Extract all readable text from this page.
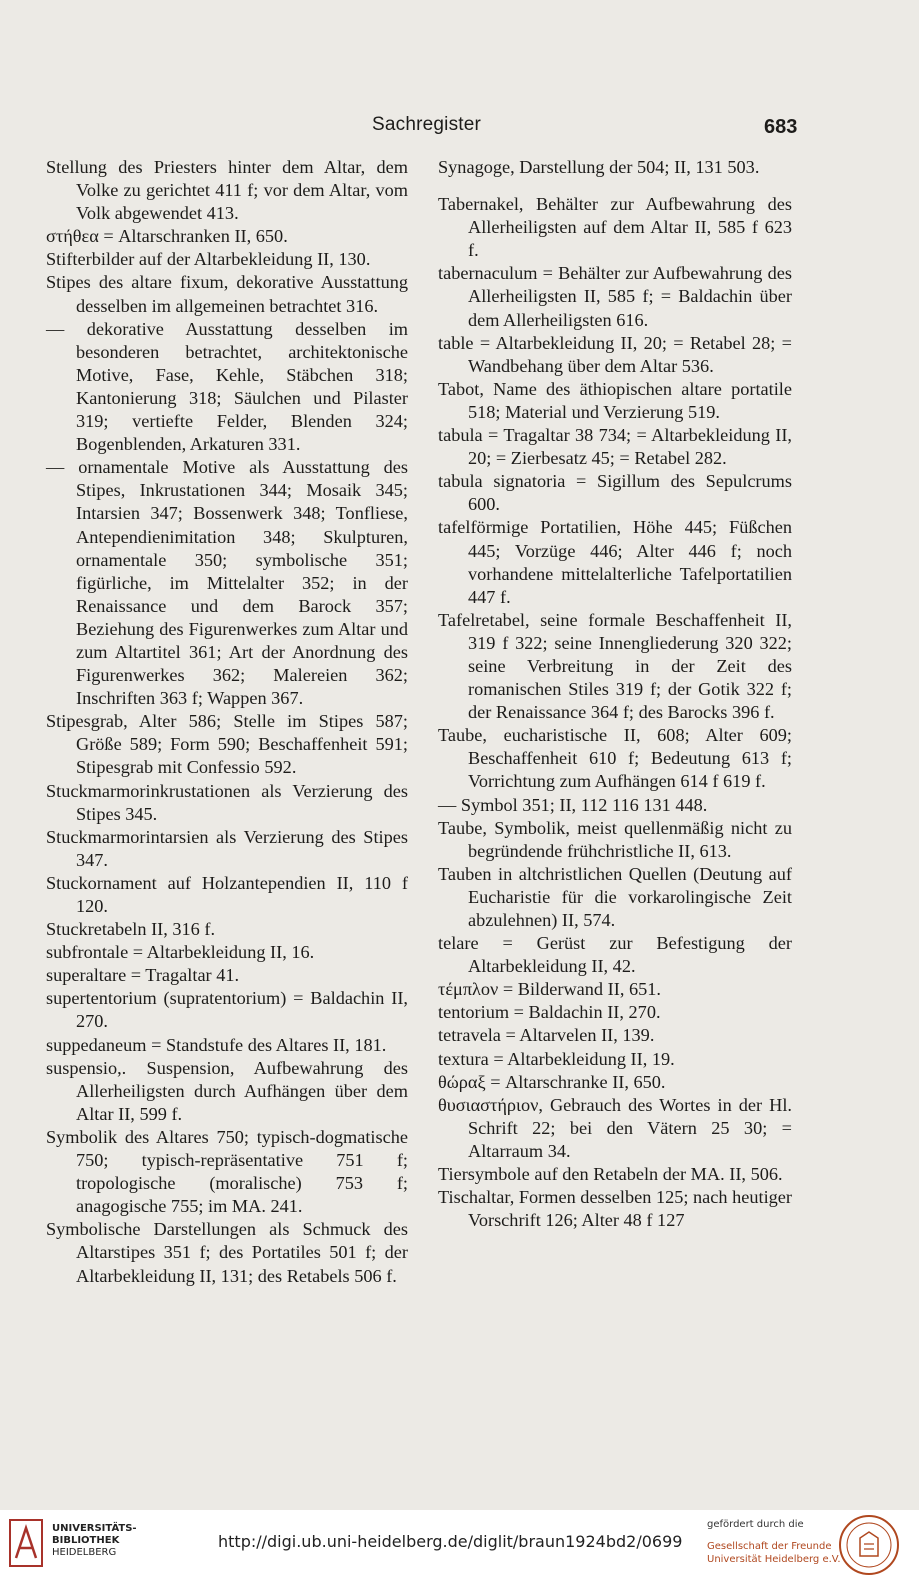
Sachregister	683

Stellung des Priesters hinter dem Altar, dem Volke zu gerichtet 411 f; vor dem Altar, vom Volk abgewendet 413.

στήθεα = Altarschranken II, 650.

Stifterbilder auf der Altarbekleidung II, 130.

Stipes des altare fixum, dekorative Ausstattung desselben im allgemeinen betrachtet 316.

— dekorative Ausstattung desselben im besonderen betrachtet, architektonische Motive, Fase, Kehle, Stäbchen 318; Kantonierung 318; Säulchen und Pilaster 319; vertiefte Felder, Blenden 324; Bogenblenden, Arkaturen 331.

— ornamentale Motive als Ausstattung des Stipes, Inkrustationen 344; Mosaik 345; Intarsien 347; Bossenwerk 348; Tonfliese, Antependienimitation 348; Skulpturen, ornamentale 350; symbolische 351; figürliche, im Mittelalter 352; in der Renaissance und dem Barock 357; Beziehung des Figurenwerkes zum Altar und zum Altartitel 361; Art der Anordnung des Figurenwerkes 362; Malereien 362; Inschriften 363 f; Wappen 367.

Stipesgrab, Alter 586; Stelle im Stipes 587; Größe 589; Form 590; Beschaffenheit 591; Stipesgrab mit Confessio 592.

Stuckmarmorinkrustationen als Verzierung des Stipes 345.

Stuckmarmorintarsien als Verzierung des Stipes 347.

Stuckornament auf Holzantependien II, 110 f 120.

Stuckretabeln II, 316 f.

subfrontale = Altarbekleidung II, 16.

superaltare = Tragaltar 41.

supertentorium (supratentorium) = Baldachin II, 270.

suppedaneum = Standstufe des Altares II, 181.

suspensio,. Suspension, Aufbewahrung des Allerheiligsten durch Aufhängen über dem Altar II, 599 f.

Symbolik des Altares 750; typisch-dogmatische 750; typisch-repräsentative 751 f; tropologische (moralische) 753 f; anagogische 755; im MA. 241.

Symbolische Darstellungen als Schmuck des Altarstipes 351 f; des Portatiles 501 f; der Altarbekleidung II, 131; des Retabels 506 f.

Synagoge, Darstellung der 504; II, 131 503.

Tabernakel, Behälter zur Aufbewahrung des Allerheiligsten auf dem Altar II, 585 f 623 f.

tabernaculum = Behälter zur Aufbewahrung des Allerheiligsten II, 585 f; = Baldachin über dem Allerheiligsten 616.

table = Altarbekleidung II, 20; = Retabel 28; = Wandbehang über dem Altar 536.

Tabot, Name des äthiopischen altare portatile 518; Material und Verzierung 519.

tabula = Tragaltar 38 734; = Altarbekleidung II, 20; = Zierbesatz 45; = Retabel 282.

tabula signatoria = Sigillum des Sepulcrums 600.

tafelförmige Portatilien, Höhe 445; Füßchen 445; Vorzüge 446; Alter 446 f; noch vorhandene mittelalterliche Tafelportatilien 447 f.

Tafelretabel, seine formale Beschaffenheit II, 319 f 322; seine Innengliederung 320 322; seine Verbreitung in der Zeit des romanischen Stiles 319 f; der Gotik 322 f; der Renaissance 364 f; des Barocks 396 f.

Taube, eucharistische II, 608; Alter 609; Beschaffenheit 610 f; Bedeutung 613 f; Vorrichtung zum Aufhängen 614 f 619 f.

— Symbol 351; II, 112 116 131 448.

Taube, Symbolik, meist quellenmäßig nicht zu begründende frühchristliche II, 613.

Tauben in altchristlichen Quellen (Deutung auf Eucharistie für die vorkarolingische Zeit abzulehnen) II, 574.

telare = Gerüst zur Befestigung der Altarbekleidung II, 42.

τέμπλον = Bilderwand II, 651.

tentorium = Baldachin II, 270.

tetravela = Altarvelen II, 139.

textura = Altarbekleidung II, 19.

θώραξ = Altarschranke II, 650.

θυσιαστήριον, Gebrauch des Wortes in der Hl. Schrift 22; bei den Vätern 25 30; = Altarraum 34.

Tiersymbole auf den Retabeln der MA. II, 506.

Tischaltar, Formen desselben 125; nach heutiger Vorschrift 126; Alter 48 f 127

UNIVERSITÄTS-
BIBLIOTHEK
HEIDELBERG
http://digi.ub.uni-heidelberg.de/diglit/braun1924bd2/0699
gefördert durch die
Gesellschaft der Freunde
Universität Heidelberg e.V.
